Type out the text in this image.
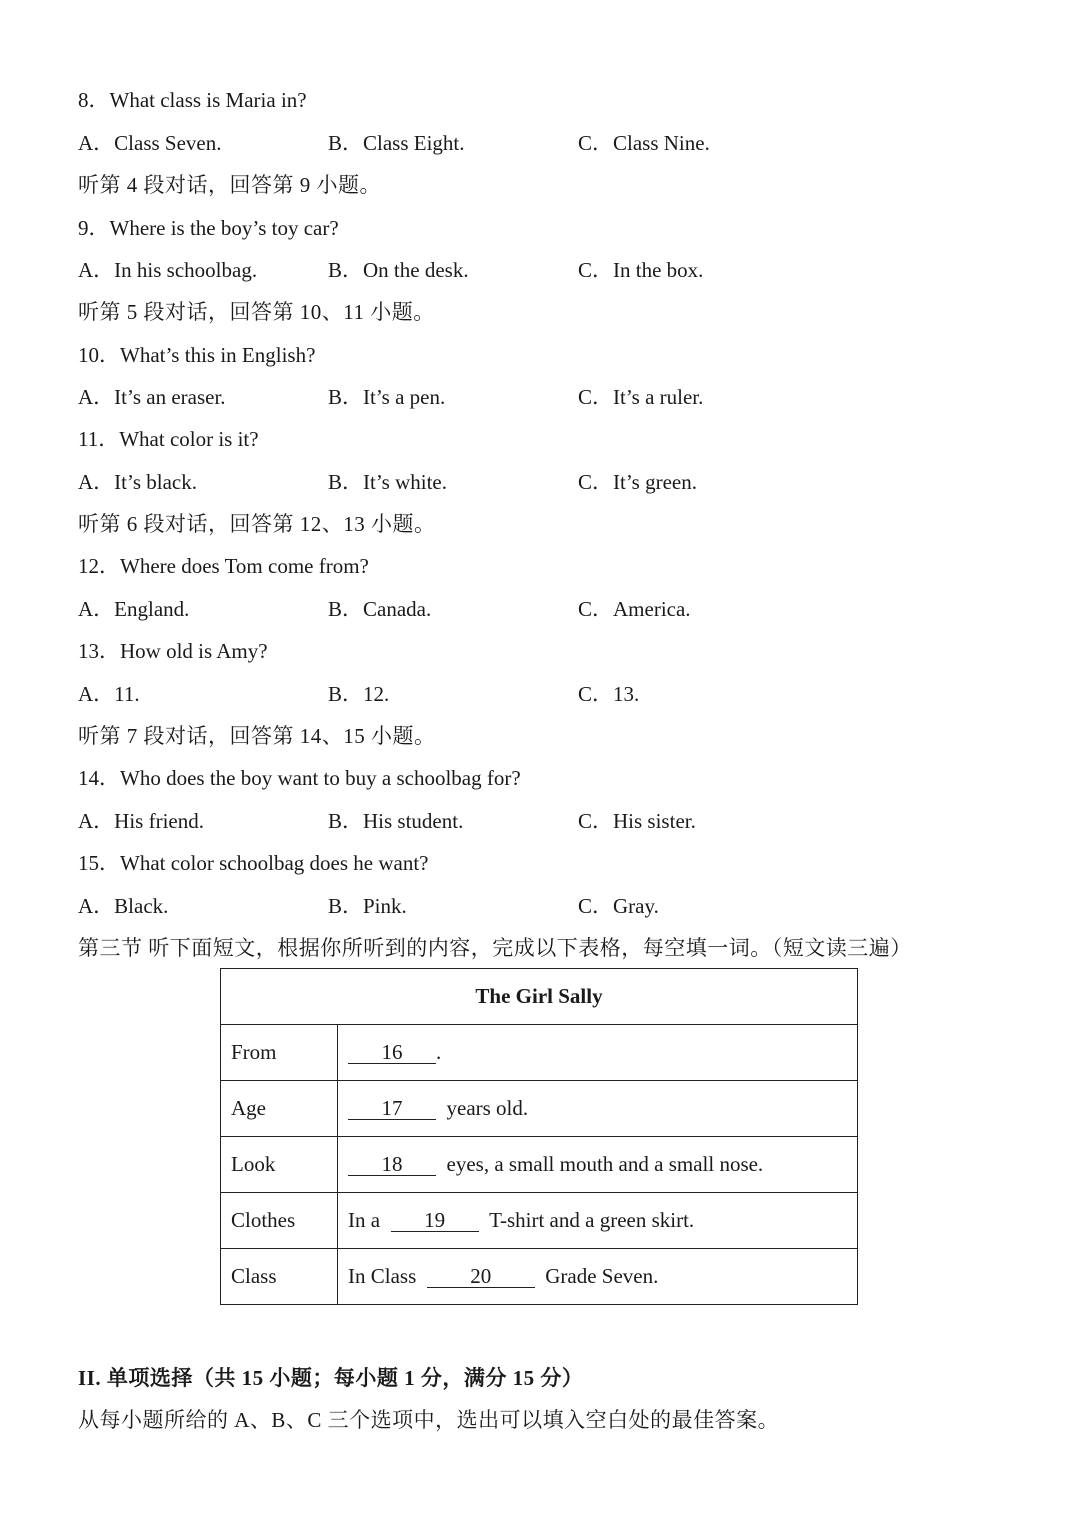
8．What class is Maria in?
A．Class Seven.	B．Class Eight.	C．Class Nine.
听第 4 段对话，回答第 9 小题。
9．Where is the boy’s toy car?
A．In his schoolbag.	B．On the desk.	C．In the box.
听第 5 段对话，回答第 10、11 小题。
10．What’s this in English?
A．It’s an eraser.	B．It’s a pen.	C．It’s a ruler.
11．What color is it?
A．It’s black.	B．It’s white.	C．It’s green.
听第 6 段对话，回答第 12、13 小题。
12．Where does Tom come from?
A．England.	B．Canada.	C．America.
13．How old is Amy?
A．11.	B．12.	C．13.
听第 7 段对话，回答第 14、15 小题。
14．Who does the boy want to buy a schoolbag for?
A．His friend.	B．His student.	C．His sister.
15．What color schoolbag does he want?
A．Black.	B．Pink.	C．Gray.
第三节 听下面短文，根据你所听到的内容，完成以下表格，每空填一词。（短文读三遍）
The Girl Sally	
From	16 .
Age	17 years old.
Look	18 eyes, a small mouth and a small nose.
Clothes	In a 19 T-shirt and a green skirt.
Class	In Class 20 Grade Seven.
II. 单项选择（共 15 小题；每小题 1 分，满分 15 分）
从每小题所给的 A、B、C 三个选项中，选出可以填入空白处的最佳答案。
